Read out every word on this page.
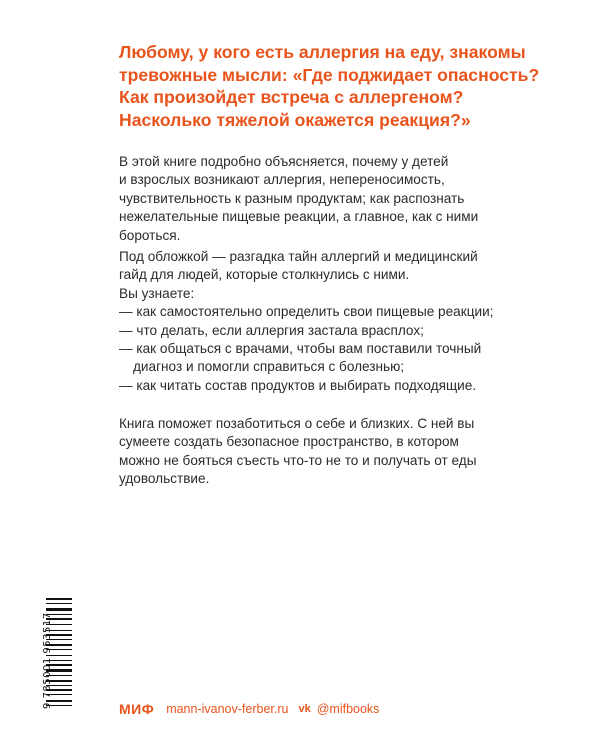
Любому, у кого есть аллергия на еду, знакомы
тревожные мысли: «Где поджидает опасность?
Как произойдет встреча с аллергеном?
Насколько тяжелой окажется реакция?»
В этой книге подробно объясняется, почему у детей
и взрослых возникают аллергия, непереносимость,
чувствительность к разным продуктам; как распознать
нежелательные пищевые реакции, а главное, как с ними
бороться.
Под обложкой — разгадка тайн аллергий и медицинский
гайд для людей, которые столкнулись с ними.
Вы узнаете:
— как самостоятельно определить свои пищевые реакции;
— что делать, если аллергия застала врасплох;
— как общаться с врачами, чтобы вам поставили точный
диагноз и помогли справиться с болезнью;
— как читать состав продуктов и выбирать подходящие.
Книга поможет позаботиться о себе и близких. С ней вы
сумеете создать безопасное пространство, в котором
можно не бояться съесть что-то не то и получать от еды
удовольствие.
9 785001 953517	МИФ mann-ivanov-ferber.ru vk @mifbooks
